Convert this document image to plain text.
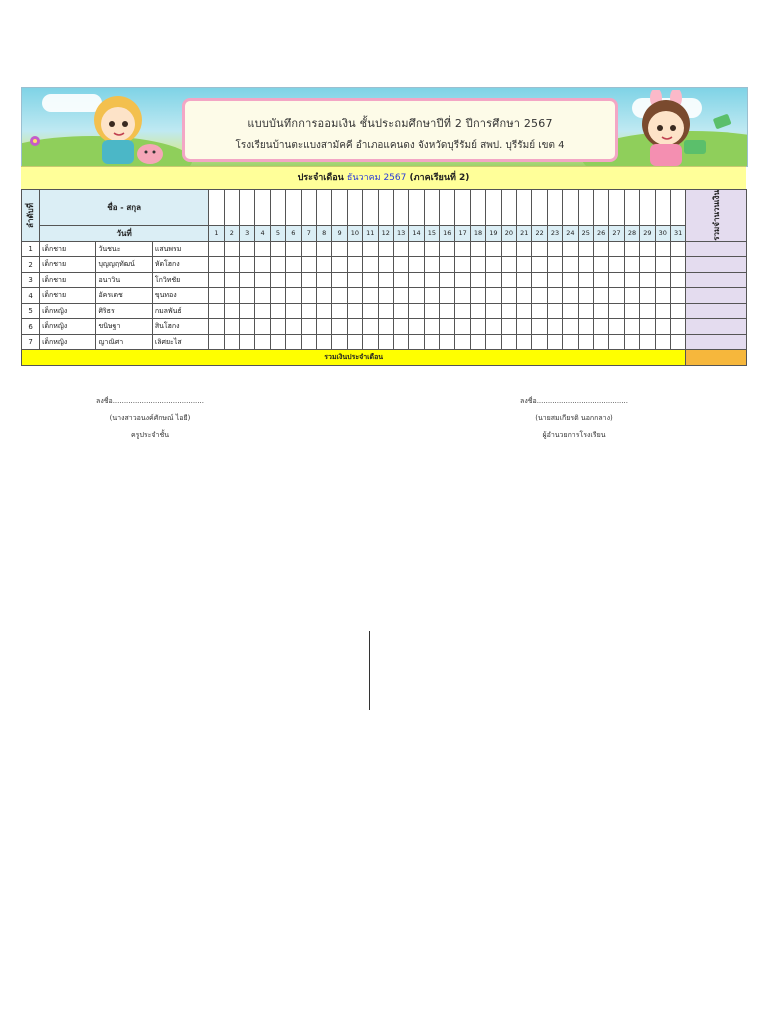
แบบบันทึกการออมเงิน ชั้นประถมศึกษาปีที่ 2 ปีการศึกษา 2567
โรงเรียนบ้านตะแบงสามัคคี อำเภอแคนดง จังหวัดบุรีรัมย์ สพป. บุรีรัมย์ เขต 4
ประจำเดือน ธันวาคม 2567 (ภาคเรียนที่ 2)
ลำดับที่	ชื่อ - สกุล																																		รวมจำนวนเงิน

	วันที่			1	2	3	4	5	6	7	8	9	10	11	12	13	14	15	16	17	18	19	20	21	22	23	24	25	26	27	28	29	30	31	
1	เด็กชาย	วันชนะ	แสนพรม																																
2	เด็กชาย	บุญญฤทัฒน์	หัดโฮกง																																
3	เด็กชาย	อนาวิน	โกวิทชัย																																
4	เด็กชาย	อัครเดช	ขุนทอง																																
5	เด็กหญิง	ศิริธร	กมลพันธ์																																
6	เด็กหญิง	ขนิษฐา	สินโฮกง																																
7	เด็กหญิง	ญาณิศา	เลิศยะไส																																
รวมเงินประจำเดือน																																			
ลงชื่อ.........................................
(นางสาวอนงค์ศักษณ์ ไอยี)
ครูประจำชั้น
ลงชื่อ.........................................
(นายสมเกียรติ นอกกลาง)
ผู้อำนวยการโรงเรียน
